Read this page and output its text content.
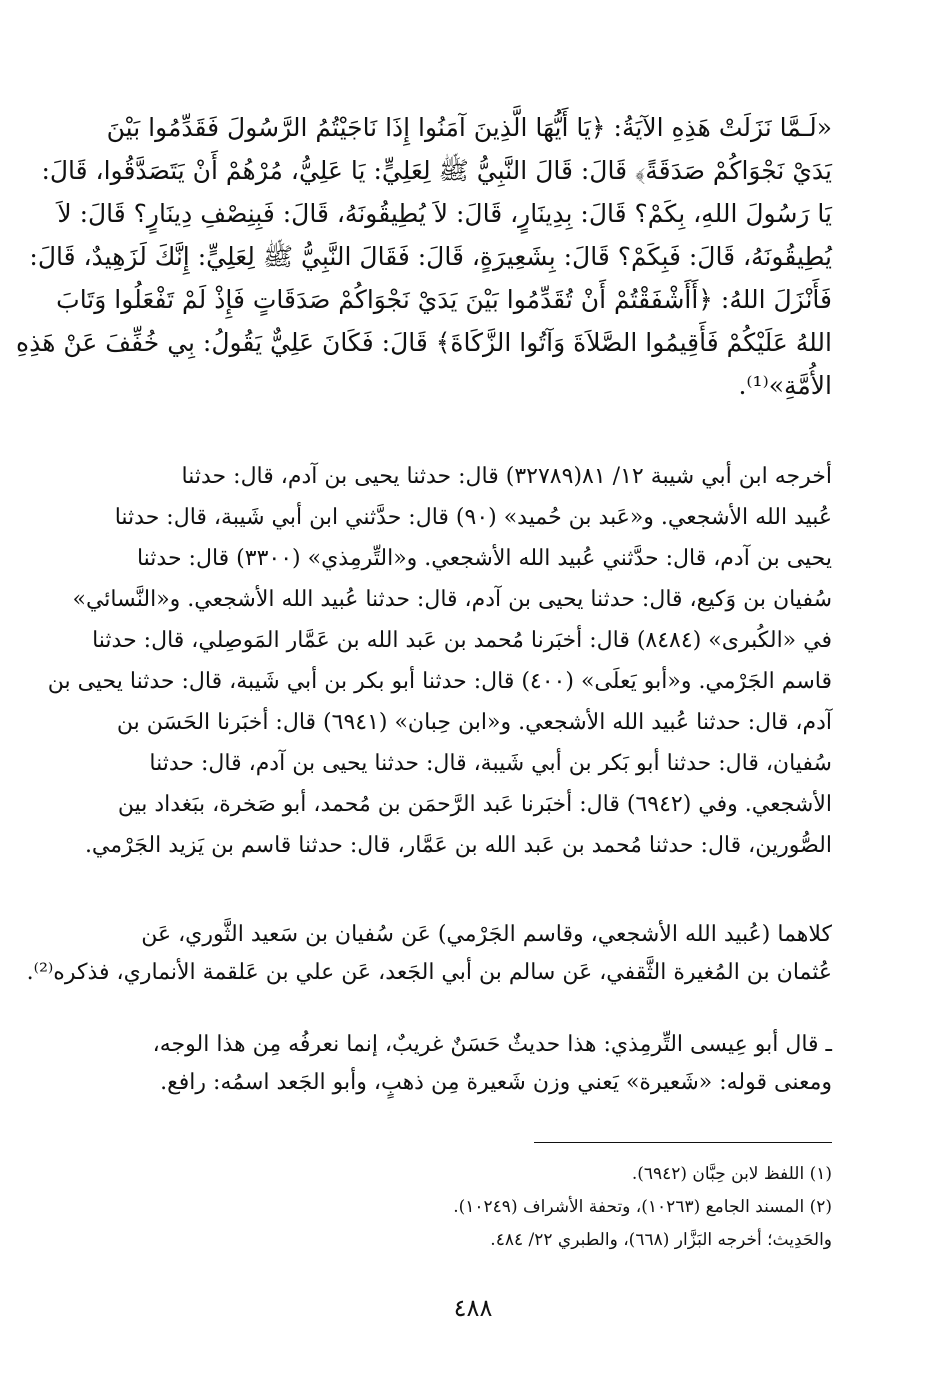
«لَـمَّا نَزَلَتْ هَذِهِ الآيَةُ: ﴿يَا أَيُّهَا الَّذِينَ آمَنُوا إِذَا نَاجَيْتُمُ الرَّسُولَ فَقَدِّمُوا بَيْنَ
يَدَيْ نَجْوَاكُمْ صَدَقَةً﴾ قَالَ: قَالَ النَّبِيُّ ﷺ لِعَلِيٍّ: يَا عَلِيُّ، مُرْهُمْ أَنْ يَتَصَدَّقُوا، قَالَ:
يَا رَسُولَ اللهِ، بِكَمْ؟ قَالَ: بِدِينَارٍ، قَالَ: لاَ يُطِيقُونَهُ، قَالَ: فَبِنِصْفِ دِينَارٍ؟ قَالَ: لاَ
يُطِيقُونَهُ، قَالَ: فَبِكَمْ؟ قَالَ: بِشَعِيرَةٍ، قَالَ: فَقَالَ النَّبِيُّ ﷺ لِعَلِيٍّ: إِنَّكَ لَزَهِيدٌ، قَالَ:
فَأَنْزَلَ اللهُ: ﴿أَأَشْفَقْتُمْ أَنْ تُقَدِّمُوا بَيْنَ يَدَيْ نَجْوَاكُمْ صَدَقَاتٍ فَإِذْ لَمْ تَفْعَلُوا وَتَابَ
اللهُ عَلَيْكُمْ فَأَقِيمُوا الصَّلاَةَ وَآتُوا الزَّكَاةَ﴾ قَالَ: فَكَانَ عَلِيٌّ يَقُولُ: بِي خُفِّفَ عَنْ هَذِهِ
الأُمَّةِ»⁽¹⁾.
أخرجه ابن أبي شيبة ١٢/ ٨١(٣٢٧٨٩) قال: حدثنا يحيى بن آدم، قال: حدثنا
عُبيد الله الأشجعي. و«عَبد بن حُميد» (٩٠) قال: حدَّثني ابن أبي شَيبة، قال: حدثنا
يحيى بن آدم، قال: حدَّثني عُبيد الله الأشجعي. و«التِّرمِذي» (٣٣٠٠) قال: حدثنا
سُفيان بن وَكيع، قال: حدثنا يحيى بن آدم، قال: حدثنا عُبيد الله الأشجعي. و«النَّسائي»
في «الكُبرى» (٨٤٨٤) قال: أخبَرنا مُحمد بن عَبد الله بن عَمَّار المَوصِلي، قال: حدثنا
قاسم الجَرْمي. و«أبو يَعلَى» (٤٠٠) قال: حدثنا أبو بكر بن أبي شَيبة، قال: حدثنا يحيى بن
آدم، قال: حدثنا عُبيد الله الأشجعي. و«ابن حِبان» (٦٩٤١) قال: أخبَرنا الحَسَن بن
سُفيان، قال: حدثنا أبو بَكر بن أبي شَيبة، قال: حدثنا يحيى بن آدم، قال: حدثنا
الأشجعي. وفي (٦٩٤٢) قال: أخبَرنا عَبد الرَّحمَن بن مُحمد، أبو صَخرة، ببَغداد بين
الصُّورين، قال: حدثنا مُحمد بن عَبد الله بن عَمَّار، قال: حدثنا قاسم بن يَزيد الجَرْمي.
كلاهما (عُبيد الله الأشجعي، وقاسم الجَرْمي) عَن سُفيان بن سَعيد الثَّوري، عَن
عُثمان بن المُغيرة الثَّقفي، عَن سالم بن أبي الجَعد، عَن علي بن عَلقمة الأنماري، فذكره⁽²⁾.
ـ قال أبو عِيسى التِّرمِذي: هذا حديثٌ حَسَنٌ غريبٌ، إنما نعرفُه مِن هذا الوجه،
ومعنى قوله: «شَعيرة» يَعني وزن شَعيرة مِن ذهبٍ، وأبو الجَعد اسمُه: رافع.
(١) اللفظ لابن حِبَّان (٦٩٤٢).
(٢) المسند الجامع (١٠٢٦٣)، وتحفة الأشراف (١٠٢٤٩).
والحَدِيث؛ أخرجه البَزَّار (٦٦٨)، والطبري ٢٢/ ٤٨٤.
٤٨٨
